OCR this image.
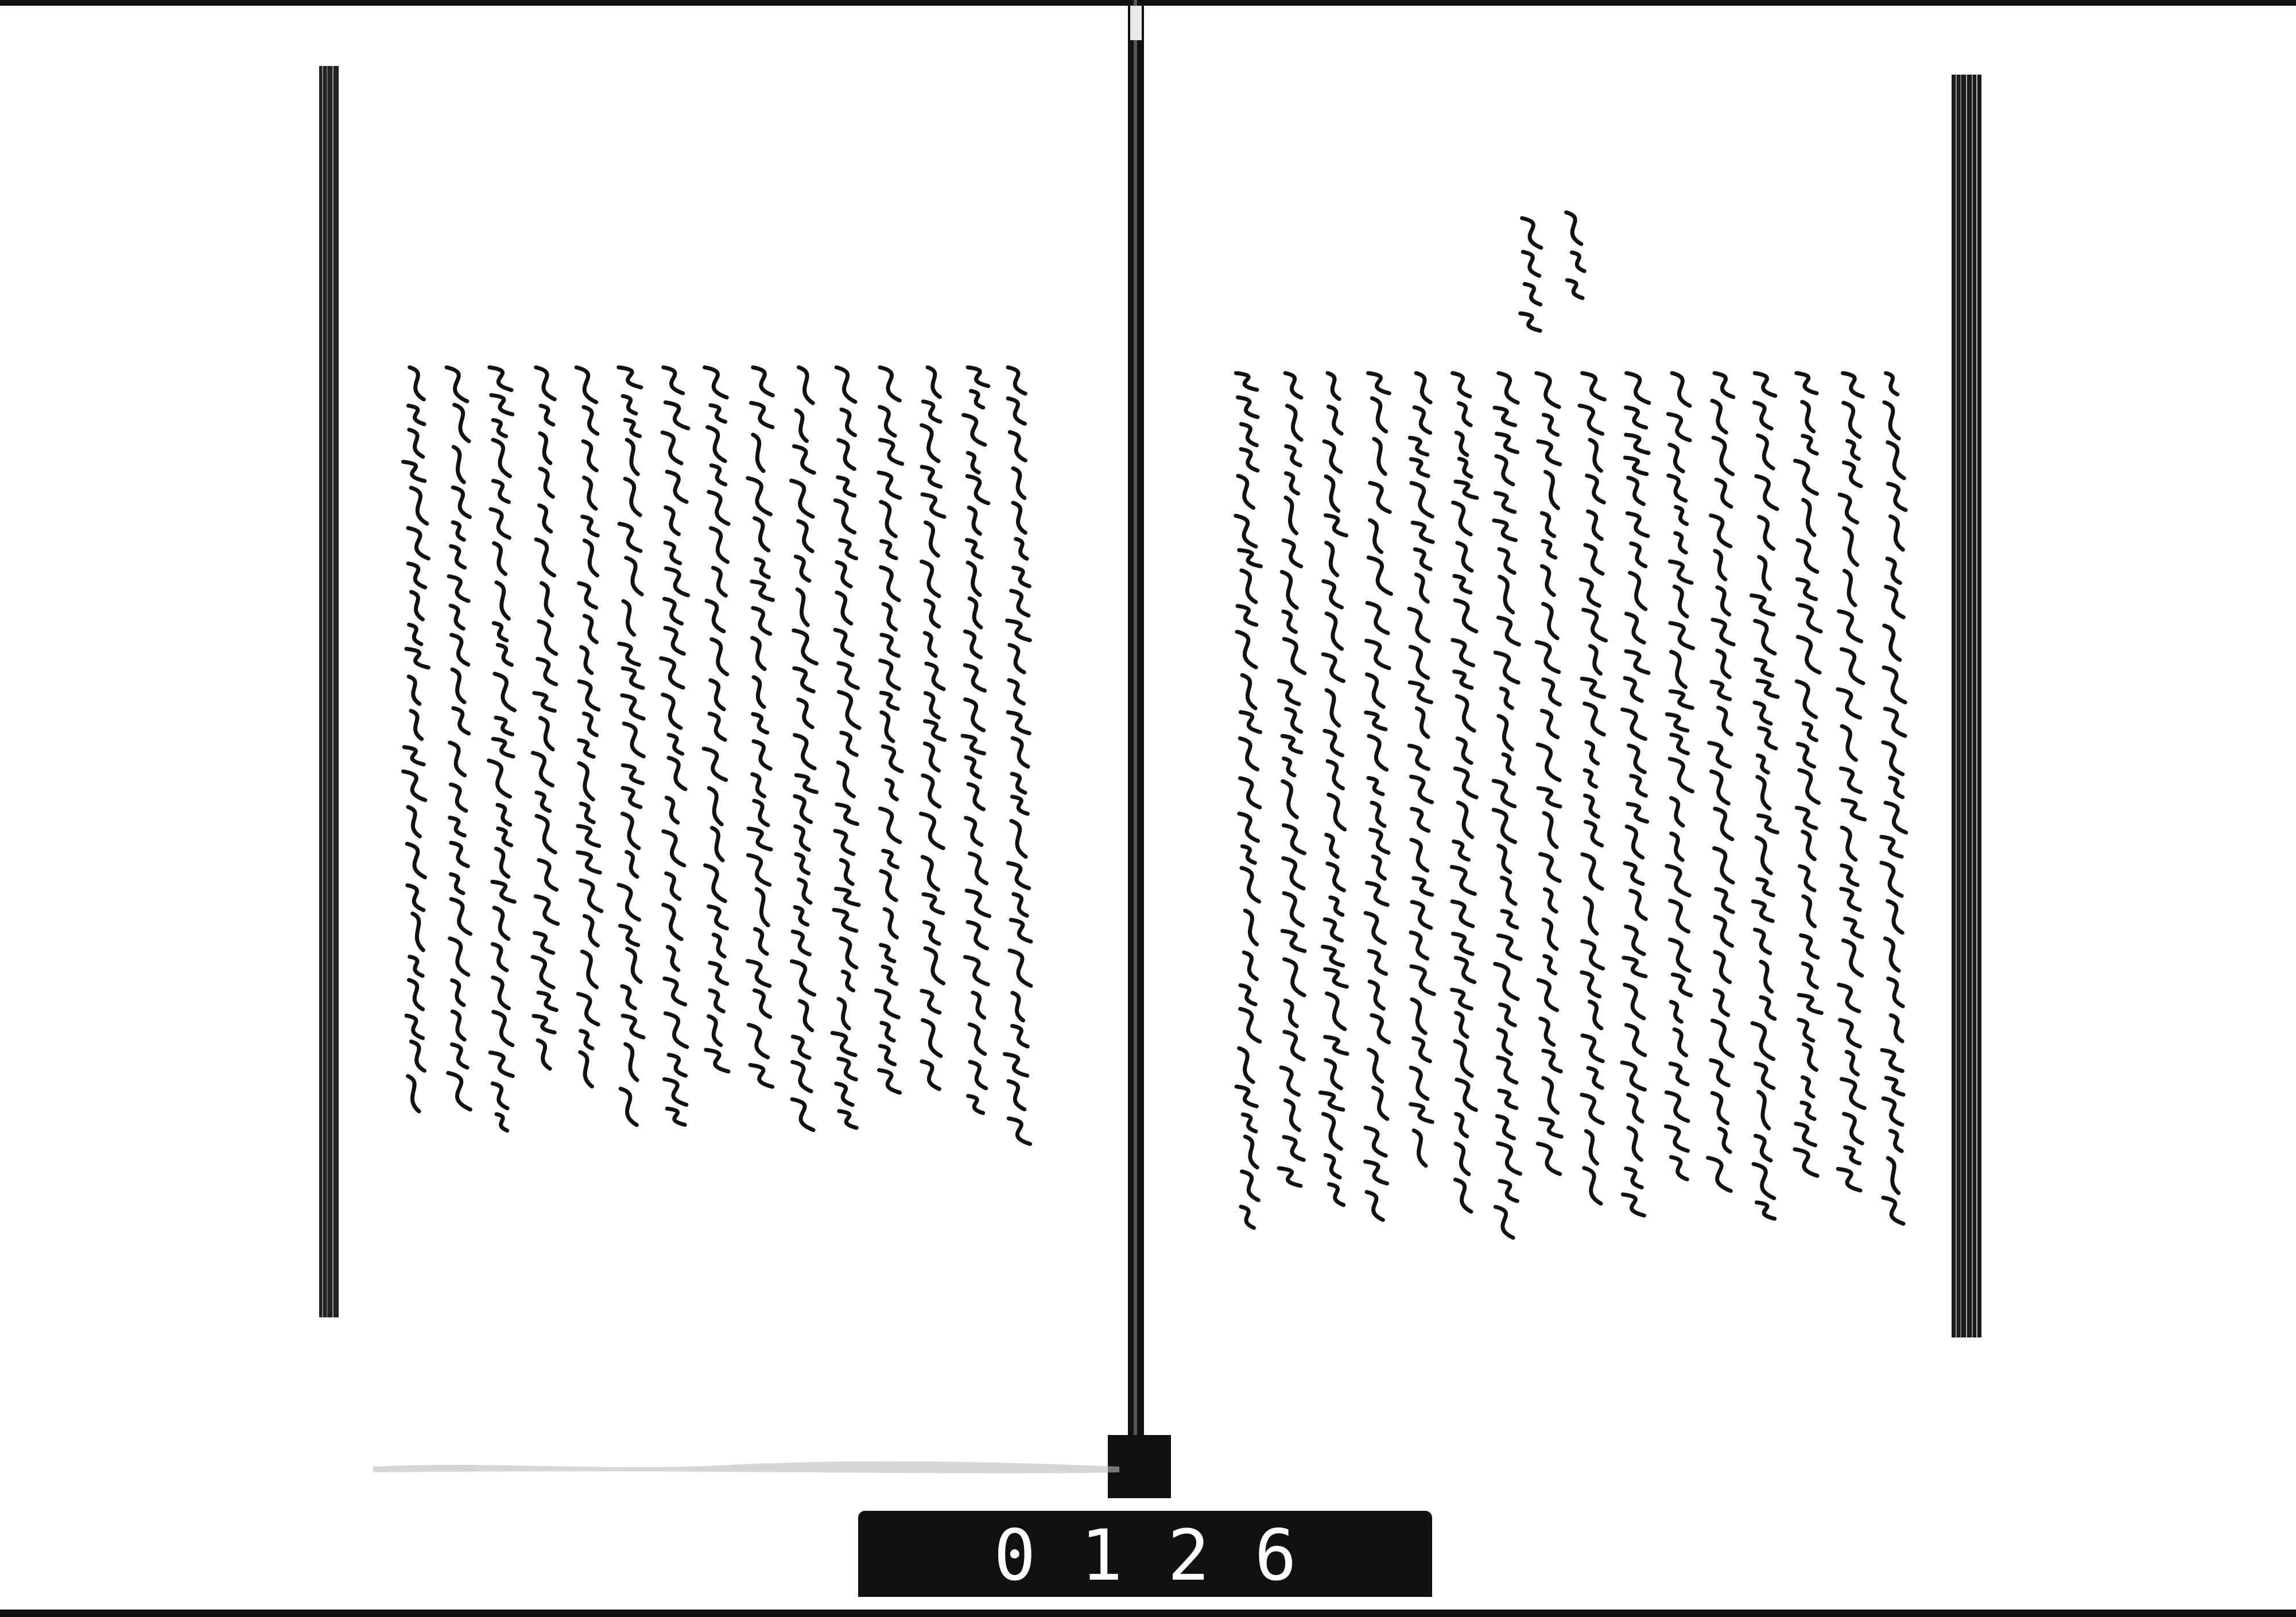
0126
